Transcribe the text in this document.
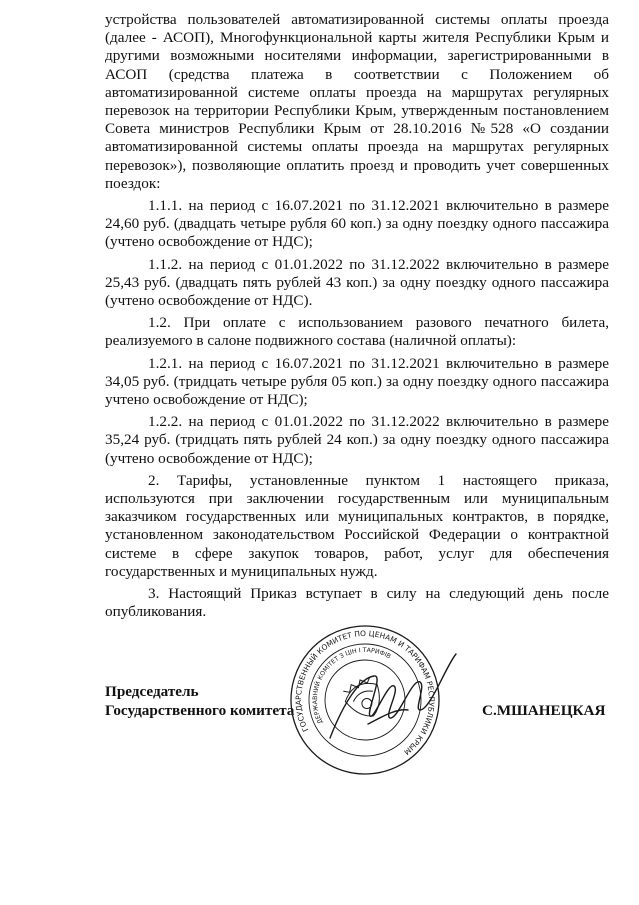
устройства пользователей автоматизированной системы оплаты проезда (далее - АСОП), Многофункциональной карты жителя Республики Крым и другими возможными носителями информации, зарегистрированными в АСОП (средства платежа в соответствии с Положением об автоматизированной системе оплаты проезда на маршрутах регулярных перевозок на территории Республики Крым, утвержденным постановлением Совета министров Республики Крым от 28.10.2016 №528 «О создании автоматизированной системы оплаты проезда на маршрутах регулярных перевозок»), позволяющие оплатить проезд и проводить учет совершенных поездок:

1.1.1. на период с 16.07.2021 по 31.12.2021 включительно в размере 24,60 руб. (двадцать четыре рубля 60 коп.) за одну поездку одного пассажира (учтено освобождение от НДС);

1.1.2. на период с 01.01.2022 по 31.12.2022 включительно в размере 25,43 руб. (двадцать пять рублей 43 коп.) за одну поездку одного пассажира (учтено освобождение от НДС).

1.2. При оплате с использованием разового печатного билета, реализуемого в салоне подвижного состава (наличной оплаты):

1.2.1. на период с 16.07.2021 по 31.12.2021 включительно в размере 34,05 руб. (тридцать четыре рубля 05 коп.) за одну поездку одного пассажира учтено освобождение от НДС);

1.2.2. на период с 01.01.2022 по 31.12.2022 включительно в размере 35,24 руб. (тридцать пять рублей 24 коп.) за одну поездку одного пассажира (учтено освобождение от НДС);

2. Тарифы, установленные пунктом 1 настоящего приказа, используются при заключении государственным или муниципальным заказчиком государственных или муниципальных контрактов, в порядке, установленном законодательством Российской Федерации о контрактной системе в сфере закупок товаров, работ, услуг для обеспечения государственных и муниципальных нужд.

3. Настоящий Приказ вступает в силу на следующий день после опубликования.

Председатель
Государственного комитета	С.МШАНЕЦКАЯ
ГОСУДАРСТВЕННЫЙ КОМИТЕТ ПО ЦЕНАМ И ТАРИФАМ РЕСПУБЛИКИ КРЫМ
ДЕРЖАВНИЙ КОМІТЕТ З ЦІН І ТАРИФІВ
